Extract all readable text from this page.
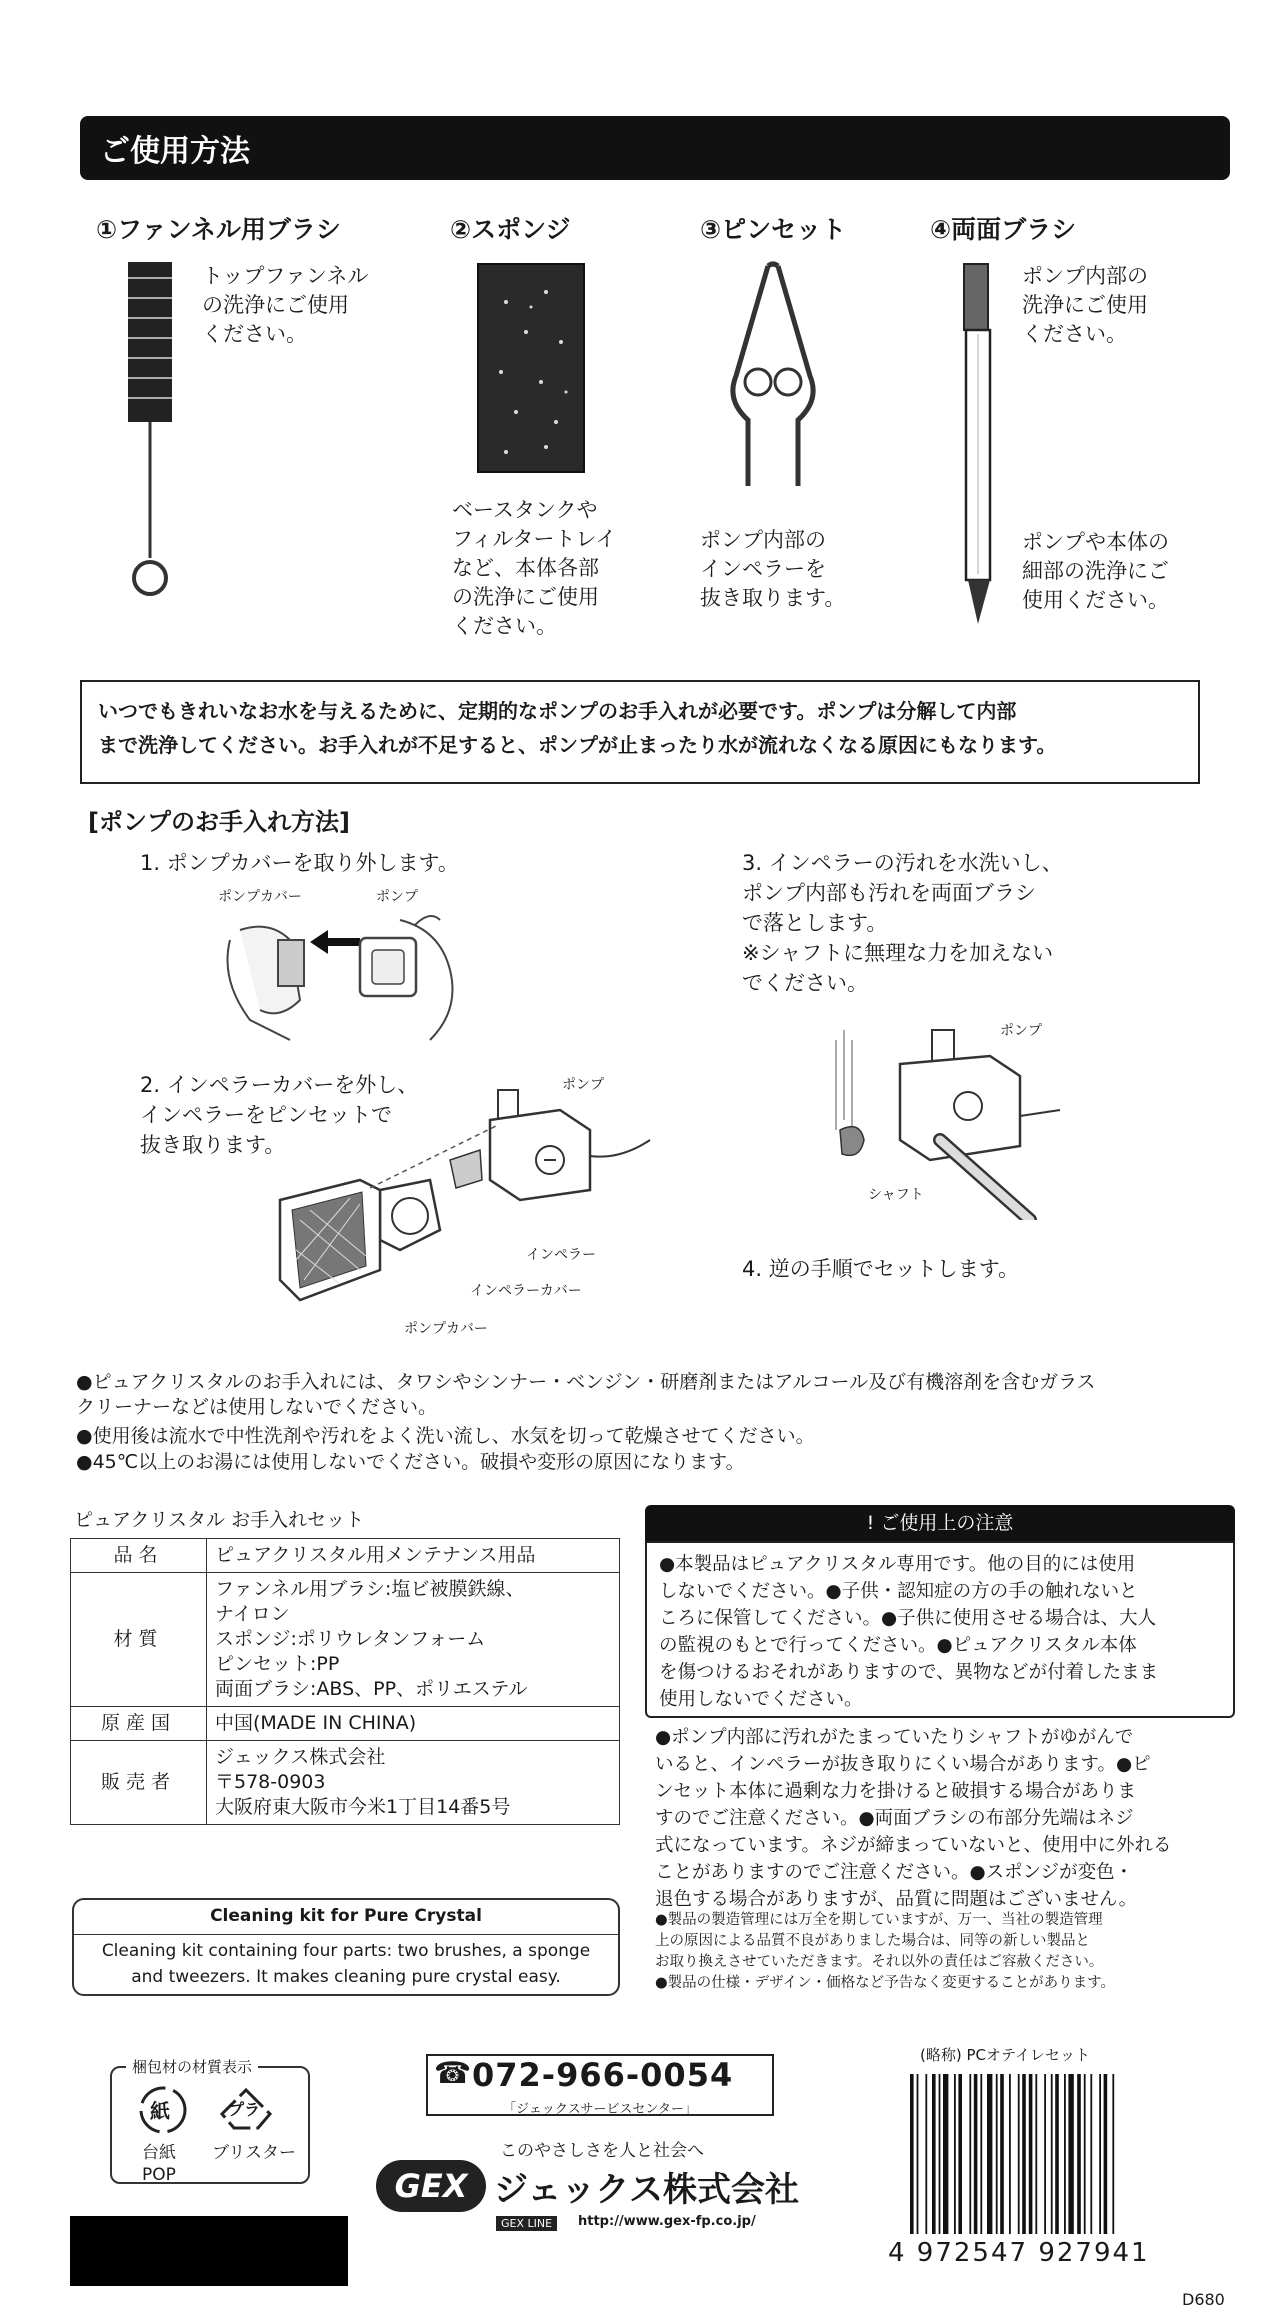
ご使用方法
①ファンネル用ブラシ
トップファンネル
の洗浄にご使用
ください。
②スポンジ
ベースタンクや
フィルタートレイ
など、本体各部
の洗浄にご使用
ください。
③ピンセット
ポンプ内部の
インペラーを
抜き取ります。
④両面ブラシ
ポンプ内部の
洗浄にご使用
ください。
ポンプや本体の
細部の洗浄にご
使用ください。
いつでもきれいなお水を与えるために、定期的なポンプのお手入れが必要です。ポンプは分解して内部
まで洗浄してください。お手入れが不足すると、ポンプが止まったり水が流れなくなる原因にもなります。
[ポンプのお手入れ方法]
1. ポンプカバーを取り外します。
2. インペラーカバーを外し、
インペラーをピンセットで
抜き取ります。
3. インペラーの汚れを水洗いし、
ポンプ内部も汚れを両面ブラシ
で落とします。
※シャフトに無理な力を加えない
でください。
4. 逆の手順でセットします。
ポンプカバー	ポンプ
ポンプ
インペラー
インペラーカバー
ポンプカバー
ポンプ
シャフト
●ピュアクリスタルのお手入れには、タワシやシンナー・ベンジン・研磨剤またはアルコール及び有機溶剤を含むガラス
クリーナーなどは使用しないでください。
●使用後は流水で中性洗剤や汚れをよく洗い流し、水気を切って乾燥させてください。
●45℃以上のお湯には使用しないでください。破損や変形の原因になります。
ピュアクリスタル お手入れセット
品名	ピュアクリスタル用メンテナンス用品
材質	ファンネル用ブラシ:塩ビ被膜鉄線、
ナイロン
スポンジ:ポリウレタンフォーム
ピンセット:PP
両面ブラシ:ABS、PP、ポリエステル
原産国	中国(MADE IN CHINA)
販売者	ジェックス株式会社
〒578-0903
大阪府東大阪市今米1丁目14番5号
Cleaning kit for Pure Crystal
Cleaning kit containing four parts: two brushes, a sponge
and tweezers. It makes cleaning pure crystal easy.
! ご使用上の注意
●本製品はピュアクリスタル専用です。他の目的には使用
しないでください。●子供・認知症の方の手の触れないと
ころに保管してください。●子供に使用させる場合は、大人
の監視のもとで行ってください。●ピュアクリスタル本体
を傷つけるおそれがありますので、異物などが付着したまま
使用しないでください。
●ポンプ内部に汚れがたまっていたりシャフトがゆがんで
いると、インペラーが抜き取りにくい場合があります。●ピ
ンセット本体に過剰な力を掛けると破損する場合がありま
すのでご注意ください。●両面ブラシの布部分先端はネジ
式になっています。ネジが締まっていないと、使用中に外れる
ことがありますのでご注意ください。●スポンジが変色・
退色する場合がありますが、品質に問題はございません。
●製品の製造管理には万全を期していますが、万一、当社の製造管理
上の原因による品質不良がありました場合は、同等の新しい製品と
お取り換えさせていただきます。それ以外の責任はご容赦ください。
●製品の仕様・デザイン・価格など予告なく変更することがあります。
梱包材の材質表示
紙	プラ
台紙
POP
ブリスター
☎ 072-966-0054
「ジェックスサービスセンター」
このやさしさを人と社会へ
GEX ジェックス株式会社
GEX LINE	http://www.gex-fp.co.jp/
(略称) PCオテイレセット
4 972547 927941
D680
